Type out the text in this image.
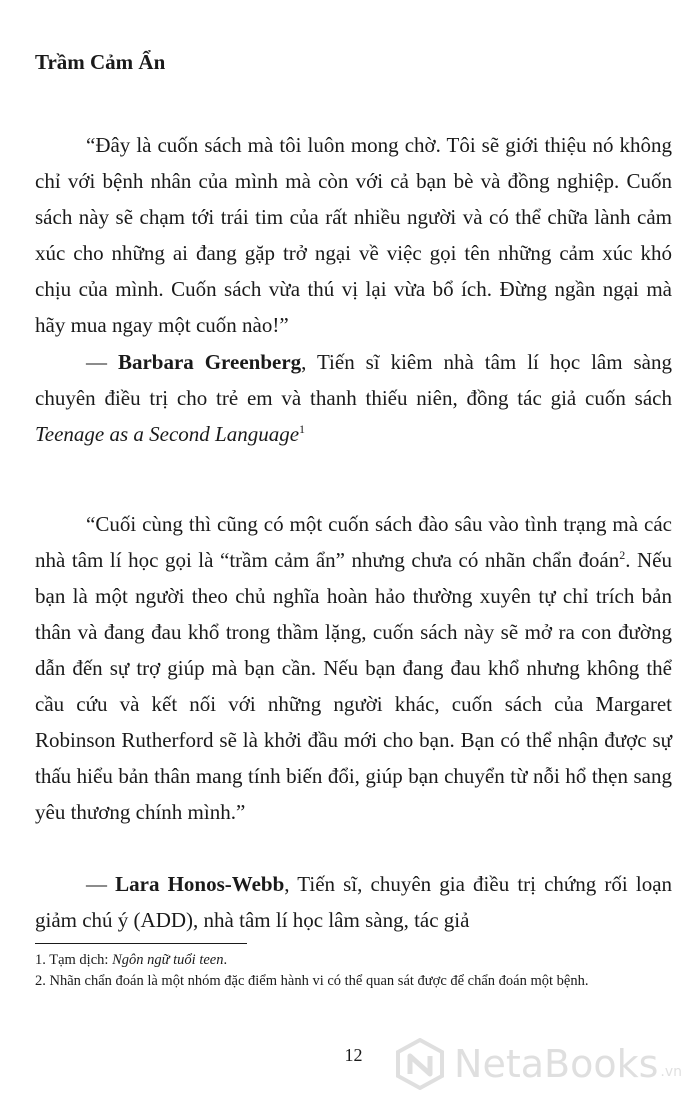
Trầm Cảm Ẩn

“Đây là cuốn sách mà tôi luôn mong chờ. Tôi sẽ giới thiệu nó không chỉ với bệnh nhân của mình mà còn với cả bạn bè và đồng nghiệp. Cuốn sách này sẽ chạm tới trái tim của rất nhiều người và có thể chữa lành cảm xúc cho những ai đang gặp trở ngại về việc gọi tên những cảm xúc khó chịu của mình. Cuốn sách vừa thú vị lại vừa bổ ích. Đừng ngần ngại mà hãy mua ngay một cuốn nào!”

— Barbara Greenberg, Tiến sĩ kiêm nhà tâm lí học lâm sàng chuyên điều trị cho trẻ em và thanh thiếu niên, đồng tác giả cuốn sách Teenage as a Second Language$^1$

“Cuối cùng thì cũng có một cuốn sách đào sâu vào tình trạng mà các nhà tâm lí học gọi là “trầm cảm ẩn” nhưng chưa có nhãn chẩn đoán$^2$. Nếu bạn là một người theo chủ nghĩa hoàn hảo thường xuyên tự chỉ trích bản thân và đang đau khổ trong thầm lặng, cuốn sách này sẽ mở ra con đường dẫn đến sự trợ giúp mà bạn cần. Nếu bạn đang đau khổ nhưng không thể cầu cứu và kết nối với những người khác, cuốn sách của Margaret Robinson Rutherford sẽ là khởi đầu mới cho bạn. Bạn có thể nhận được sự thấu hiểu bản thân mang tính biến đổi, giúp bạn chuyển từ nỗi hổ thẹn sang yêu thương chính mình.”

— Lara Honos-Webb, Tiến sĩ, chuyên gia điều trị chứng rối loạn giảm chú ý (ADD), nhà tâm lí học lâm sàng, tác giả

1. Tạm dịch: Ngôn ngữ tuổi teen.

2. Nhãn chẩn đoán là một nhóm đặc điểm hành vi có thể quan sát được để chẩn đoán một bệnh.

12	NetaBooks .vn
